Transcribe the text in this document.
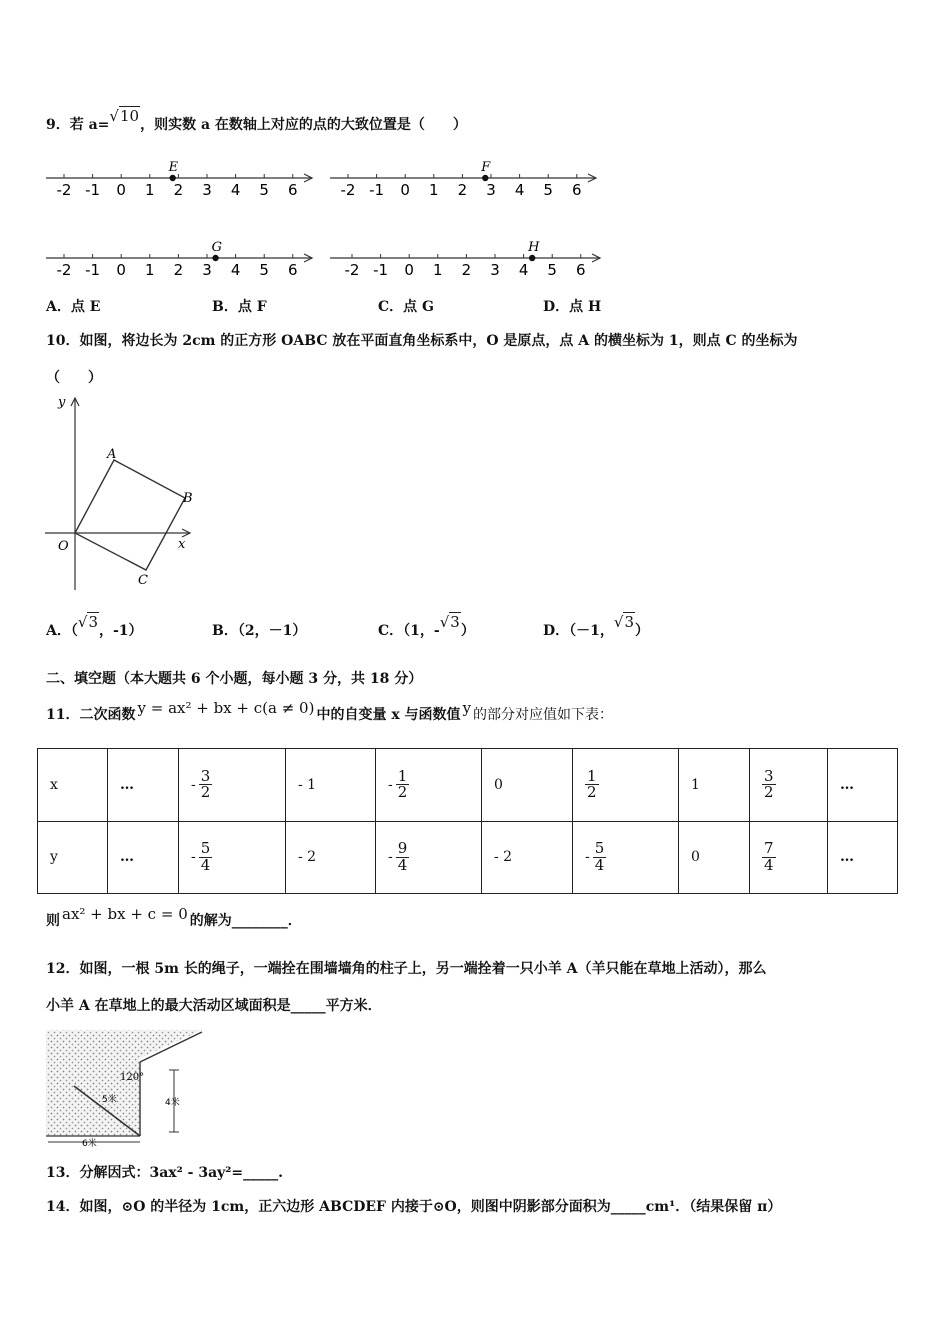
9．若 a=√10，则实数 a 在数轴上对应的点的大致位置是（　　）
-2 -1 0 1 2 3 4 5 6
E
-2 -1 0 1 2 3 4 5 6
F
-2 -1 0 1 2 3 4 5 6
G
-2 -1 0 1 2 3 4 5 6
H
A．点 E	B．点 F	C．点 G	D．点 H
10．如图，将边长为 2cm 的正方形 OABC 放在平面直角坐标系中，O 是原点，点 A 的横坐标为 1，则点 C 的坐标为
（　　）
y
x
O
A
B
C
A．（√3，-1）	B．（2，－1）	C．（1，-√3）	D．（－1，√3）
二、填空题（本大题共 6 个小题，每小题 3 分，共 18 分）
11．二次函数 y = ax² + bx + c(a ≠ 0) 中的自变量 x 与函数值 y 的部分对应值如下表：
x	…	- $\frac{3}{2}$	- 1	- $\frac{1}{2}$	0	$\frac{1}{2}$	1	$\frac{3}{2}$	…
y	…	- $\frac{5}{4}$	- 2	- $\frac{9}{4}$	- 2	- $\frac{5}{4}$	0	$\frac{7}{4}$	…
则 ax² + bx + c = 0 的解为________．
12．如图，一根 5m 长的绳子，一端拴在围墙墙角的柱子上，另一端拴着一只小羊 A（羊只能在草地上活动），那么
小羊 A 在草地上的最大活动区域面积是_____平方米．
120°
4米
5米
6米
13．分解因式：3ax² - 3ay²=_____.
14．如图，⊙O 的半径为 1cm，正六边形 ABCDEF 内接于⊙O，则图中阴影部分面积为_____cm¹．（结果保留 π）
